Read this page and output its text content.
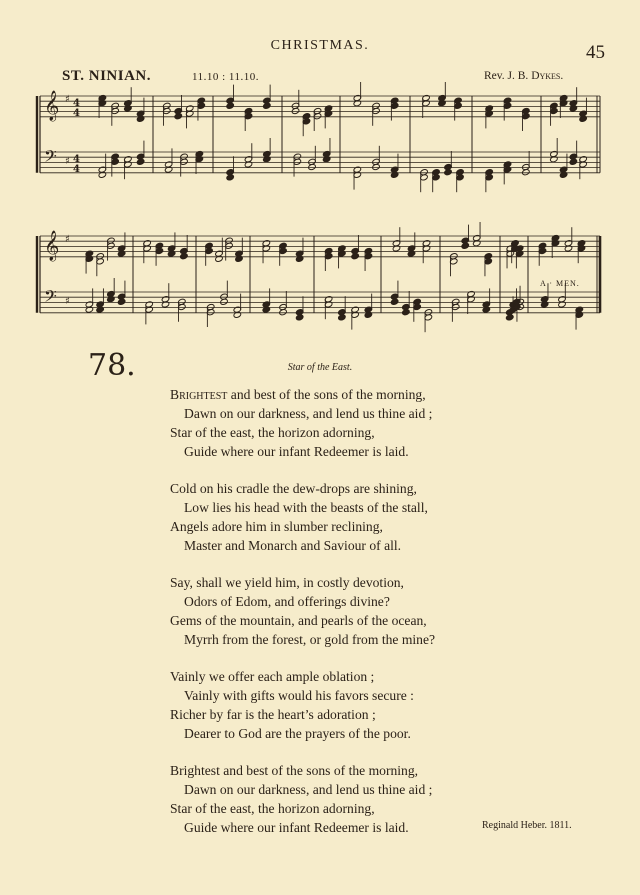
CHRISTMAS.	45
ST. NINIAN.	11.10 : 11.10.	Rev. J. B. Dykes.
𝄞 ♯
4
4
𝄢 ♯
4
4
𝄞 ♯
𝄢 ♯
A · MEN.
78.	Star of the East.
Brightest and best of the sons of the morning,
Dawn on our darkness, and lend us thine aid ;
Star of the east, the horizon adorning,
Guide where our infant Redeemer is laid.
Cold on his cradle the dew-drops are shining,
Low lies his head with the beasts of the stall,
Angels adore him in slumber reclining,
Master and Monarch and Saviour of all.
Say, shall we yield him, in costly devotion,
Odors of Edom, and offerings divine?
Gems of the mountain, and pearls of the ocean,
Myrrh from the forest, or gold from the mine?
Vainly we offer each ample oblation ;
Vainly with gifts would his favors secure :
Richer by far is the heart’s adoration ;
Dearer to God are the prayers of the poor.
Brightest and best of the sons of the morning,
Dawn on our darkness, and lend us thine aid ;
Star of the east, the horizon adorning,
Guide where our infant Redeemer is laid.	Reginald Heber. 1811.
